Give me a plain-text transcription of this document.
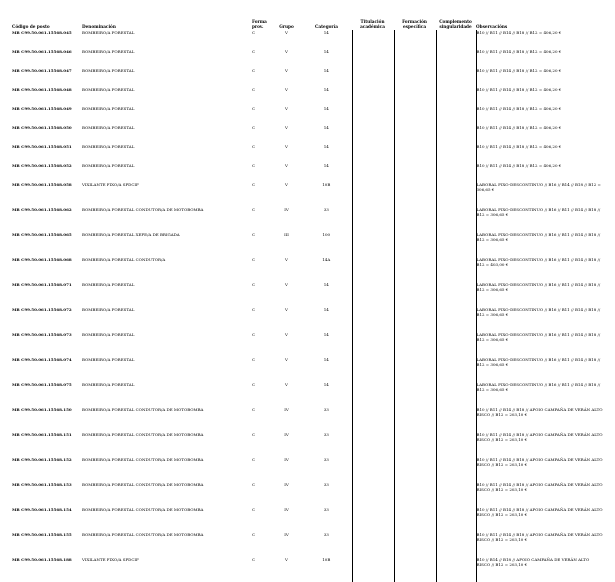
Código de posto	Denominación	Forma prov.	Grupo	Categoría	Titulación académica	Formación específica	Complemento singularidade	Observacións
MR C99.50.061.15568.045	BOMBEIRO/A FORESTAL	C	V	14				B10 // B11 // B14 // B18 // B12 = 406,20 €
MR C99.50.061.15568.046	BOMBEIRO/A FORESTAL	C	V	14				B10 // B11 // B14 // B18 // B12 = 406,20 €
MR C99.50.061.15568.047	BOMBEIRO/A FORESTAL	C	V	14				B10 // B11 // B14 // B18 // B12 = 406,20 €
MR C99.50.061.15568.048	BOMBEIRO/A FORESTAL	C	V	14				B10 // B11 // B14 // B18 // B12 = 406,20 €
MR C99.50.061.15568.049	BOMBEIRO/A FORESTAL	C	V	14				B10 // B11 // B14 // B18 // B12 = 406,20 €
MR C99.50.061.15568.050	BOMBEIRO/A FORESTAL	C	V	14				B10 // B11 // B14 // B18 // B12 = 406,20 €
MR C99.50.061.15568.051	BOMBEIRO/A FORESTAL	C	V	14				B10 // B11 // B14 // B18 // B12 = 406,20 €
MR C99.50.061.15568.052	BOMBEIRO/A FORESTAL	C	V	14				B10 // B11 // B14 // B18 // B12 = 406,20 €
MR C99.50.061.15568.058	VIXILANTE FIXO/A SPDCIF	C	V	10B				LABORAL FIXO-DESCONTINUO // B16 // B14 // B18 // B12 = 306,65 €
MR C99.50.061.15568.062	BOMBEIRO/A FORESTAL CONDUTOR/A DE MOTOBOMBA	C	IV	33				LABORAL FIXO-DESCONTINUO // B16 // B11 // B14 // B18 // B12 = 306,65 €
MR C99.50.061.15568.065	BOMBEIRO/A FORESTAL XEFE/A DE BRIGADA	C	III	100				LABORAL FIXO-DESCONTINUO // B16 // B11 // B14 // B18 // B12 = 306,65 €
MR C99.50.061.15568.068	BOMBEIRO/A FORESTAL CONDUTOR/A	C	V	14A				LABORAL FIXO-DESCONTINUO // B16 // B11 // B14 // B18 // B12 = 403,00 €
MR C99.50.061.15568.071	BOMBEIRO/A FORESTAL	C	V	14				LABORAL FIXO-DESCONTINUO // B16 // B11 // B14 // B18 // B12 = 306,65 €
MR C99.50.061.15568.072	BOMBEIRO/A FORESTAL	C	V	14				LABORAL FIXO-DESCONTINUO // B16 // B11 // B14 // B18 // B12 = 306,65 €
MR C99.50.061.15568.073	BOMBEIRO/A FORESTAL	C	V	14				LABORAL FIXO-DESCONTINUO // B16 // B11 // B14 // B18 // B12 = 306,65 €
MR C99.50.061.15568.074	BOMBEIRO/A FORESTAL	C	V	14				LABORAL FIXO-DESCONTINUO // B16 // B11 // B14 // B18 // B12 = 306,65 €
MR C99.50.061.15568.075	BOMBEIRO/A FORESTAL	C	V	14				LABORAL FIXO-DESCONTINUO // B16 // B11 // B14 // B18 // B12 = 306,65 €
MR C99.50.061.15568.150	BOMBEIRO/A FORESTAL CONDUTOR/A DE MOTOBOMBA	C	IV	33				B10 // B11 // B14 // B18 // APOIO CAMPAÑA DE VERÁN ALTO RISCO // B12 = 203,10 €
MR C99.50.061.15568.151	BOMBEIRO/A FORESTAL CONDUTOR/A DE MOTOBOMBA	C	IV	33				B10 // B11 // B14 // B18 // APOIO CAMPAÑA DE VERÁN ALTO RISCO // B12 = 203,10 €
MR C99.50.061.15568.152	BOMBEIRO/A FORESTAL CONDUTOR/A DE MOTOBOMBA	C	IV	33				B10 // B11 // B14 // B18 // APOIO CAMPAÑA DE VERÁN ALTO RISCO // B12 = 203,10 €
MR C99.50.061.15568.153	BOMBEIRO/A FORESTAL CONDUTOR/A DE MOTOBOMBA	C	IV	33				B10 // B11 // B14 // B18 // APOIO CAMPAÑA DE VERÁN ALTO RISCO // B12 = 203,10 €
MR C99.50.061.15568.154	BOMBEIRO/A FORESTAL CONDUTOR/A DE MOTOBOMBA	C	IV	33				B10 // B11 // B14 // B18 // APOIO CAMPAÑA DE VERÁN ALTO RISCO // B12 = 203,10 €
MR C99.50.061.15568.155	BOMBEIRO/A FORESTAL CONDUTOR/A DE MOTOBOMBA	C	IV	33				B10 // B11 // B14 // B18 // APOIO CAMPAÑA DE VERÁN ALTO RISCO // B12 = 203,10 €
MR C99.50.061.15568.188	VIXILANTE FIXO/A SPDCIF	C	V	10B				B10 // B14 // B18 // APOIO CAMPAÑA DE VERÁN ALTO RISCO // B12 = 203,10 €
